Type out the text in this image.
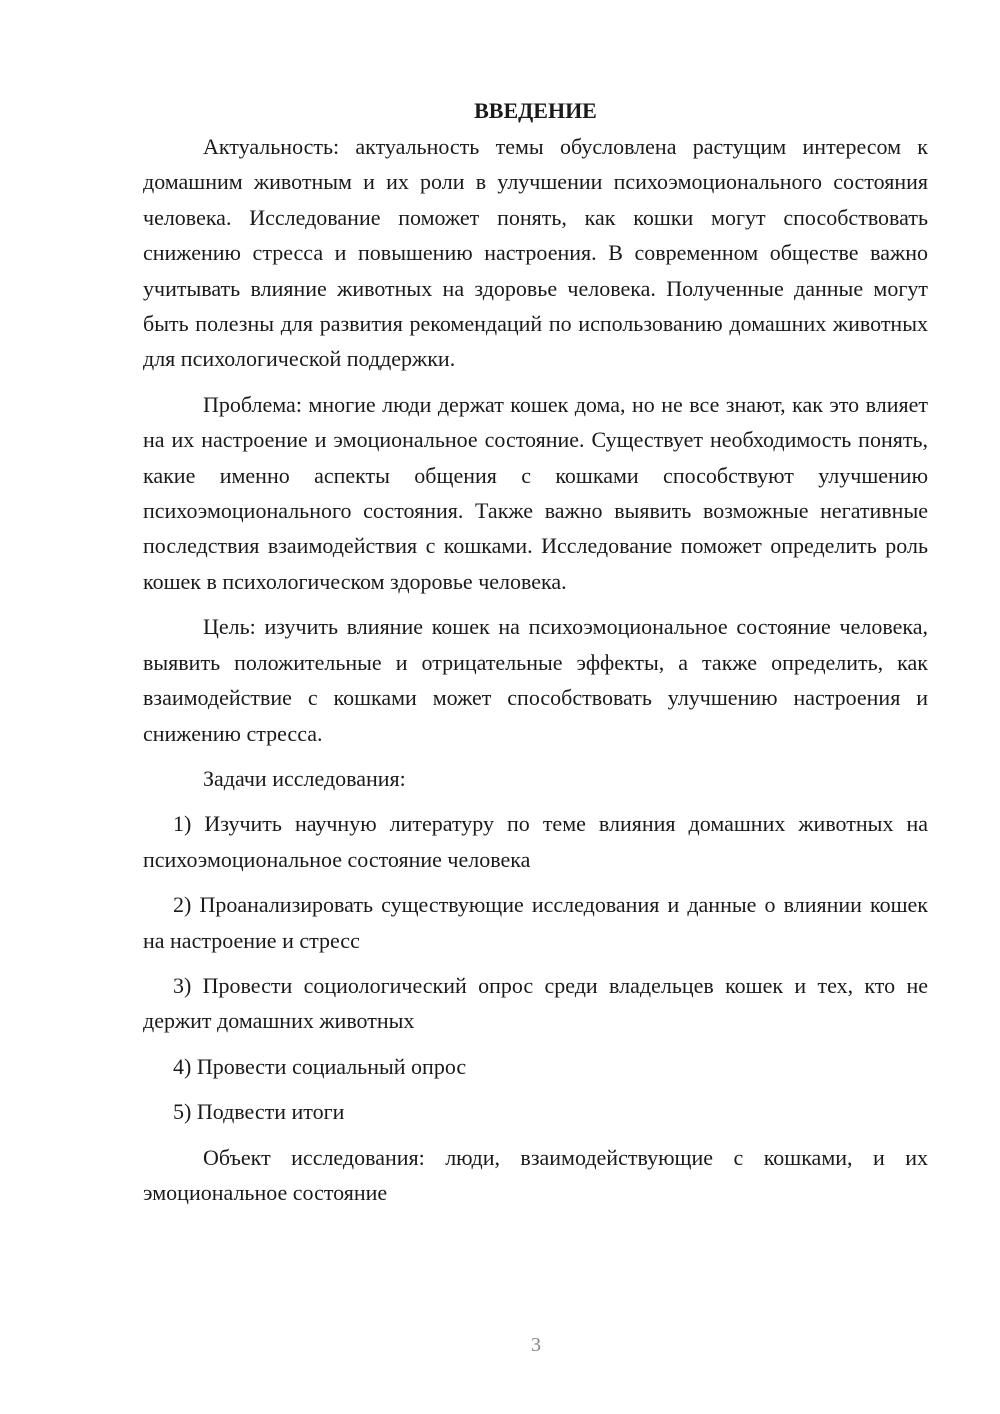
ВВЕДЕНИЕ

Актуальность: актуальность темы обусловлена растущим интересом к домашним животным и их роли в улучшении психоэмоционального состояния человека. Исследование поможет понять, как кошки могут способствовать снижению стресса и повышению настроения. В современном обществе важно учитывать влияние животных на здоровье человека. Полученные данные могут быть полезны для развития рекомендаций по использованию домашних животных для психологической поддержки.

Проблема: многие люди держат кошек дома, но не все знают, как это влияет на их настроение и эмоциональное состояние. Существует необходимость понять, какие именно аспекты общения с кошками способствуют улучшению психоэмоционального состояния. Также важно выявить возможные негативные последствия взаимодействия с кошками. Исследование поможет определить роль кошек в психологическом здоровье человека.

Цель: изучить влияние кошек на психоэмоциональное состояние человека, выявить положительные и отрицательные эффекты, а также определить, как взаимодействие с кошками может способствовать улучшению настроения и снижению стресса.

Задачи исследования:

1) Изучить научную литературу по теме влияния домашних животных на психоэмоциональное состояние человека

2) Проанализировать существующие исследования и данные о влиянии кошек на настроение и стресс

3) Провести социологический опрос среди владельцев кошек и тех, кто не держит домашних животных

4) Провести социальный опрос

5) Подвести итоги

Объект исследования: люди, взаимодействующие с кошками, и их эмоциональное состояние

3
